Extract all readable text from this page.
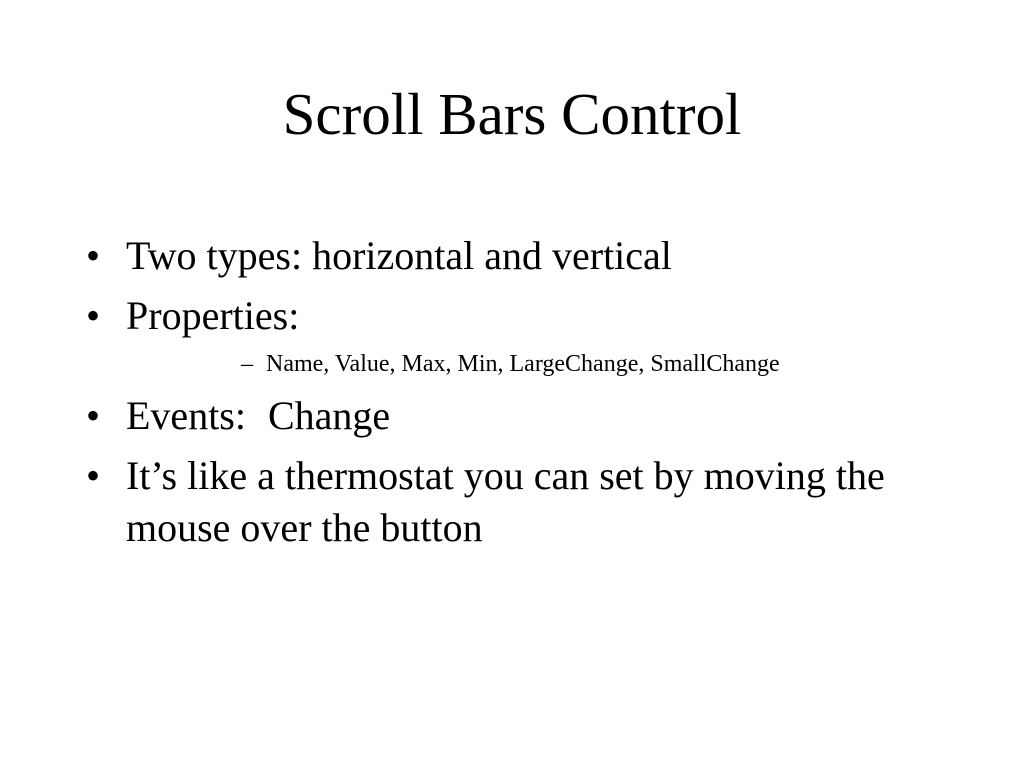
Scroll Bars Control
• Two types: horizontal and vertical
• Properties:
– Name, Value, Max, Min, LargeChange, SmallChange
• Events: Change
• It’s like a thermostat you can set by moving the mouse over the button
